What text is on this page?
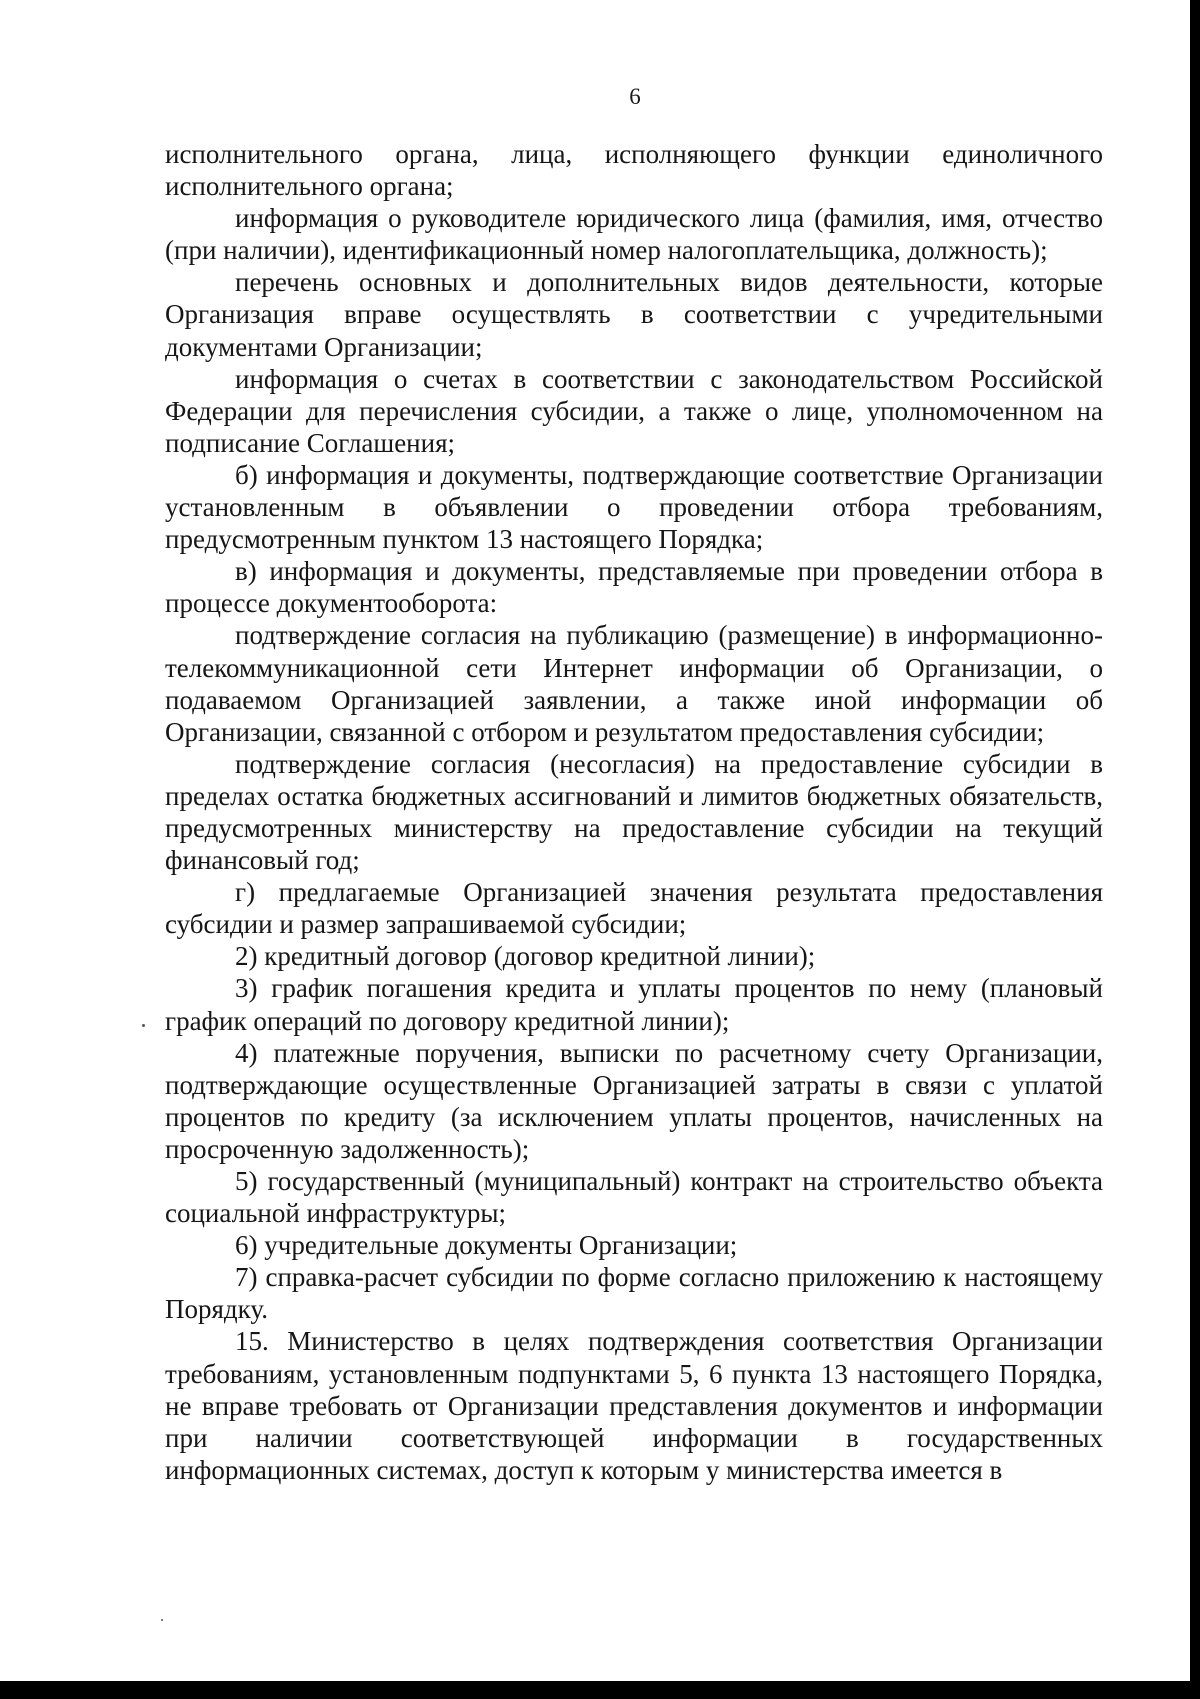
6

исполнительного органа, лица, исполняющего функции единоличного исполнительного органа;

информация о руководителе юридического лица (фамилия, имя, отчество (при наличии), идентификационный номер налогоплательщика, должность);

перечень основных и дополнительных видов деятельности, которые Организация вправе осуществлять в соответствии с учредительными документами Организации;

информация о счетах в соответствии с законодательством Российской Федерации для перечисления субсидии, а также о лице, уполномоченном на подписание Соглашения;

б) информация и документы, подтверждающие соответствие Организации установленным в объявлении о проведении отбора требованиям, предусмотренным пунктом 13 настоящего Порядка;

в) информация и документы, представляемые при проведении отбора в процессе документооборота:

подтверждение согласия на публикацию (размещение) в информационно-телекоммуникационной сети Интернет информации об Организации, о подаваемом Организацией заявлении, а также иной информации об Организации, связанной с отбором и результатом предоставления субсидии;

подтверждение согласия (несогласия) на предоставление субсидии в пределах остатка бюджетных ассигнований и лимитов бюджетных обязательств, предусмотренных министерству на предоставление субсидии на текущий финансовый год;

г) предлагаемые Организацией значения результата предоставления субсидии и размер запрашиваемой субсидии;

2) кредитный договор (договор кредитной линии);

3) график погашения кредита и уплаты процентов по нему (плановый график операций по договору кредитной линии);

4) платежные поручения, выписки по расчетному счету Организации, подтверждающие осуществленные Организацией затраты в связи с уплатой процентов по кредиту (за исключением уплаты процентов, начисленных на просроченную задолженность);

5) государственный (муниципальный) контракт на строительство объекта социальной инфраструктуры;

6) учредительные документы Организации;

7) справка-расчет субсидии по форме согласно приложению к настоящему Порядку.

15. Министерство в целях подтверждения соответствия Организации требованиям, установленным подпунктами 5, 6 пункта 13 настоящего Порядка, не вправе требовать от Организации представления документов и информации при наличии соответствующей информации в государственных информационных системах, доступ к которым у министерства имеется в
